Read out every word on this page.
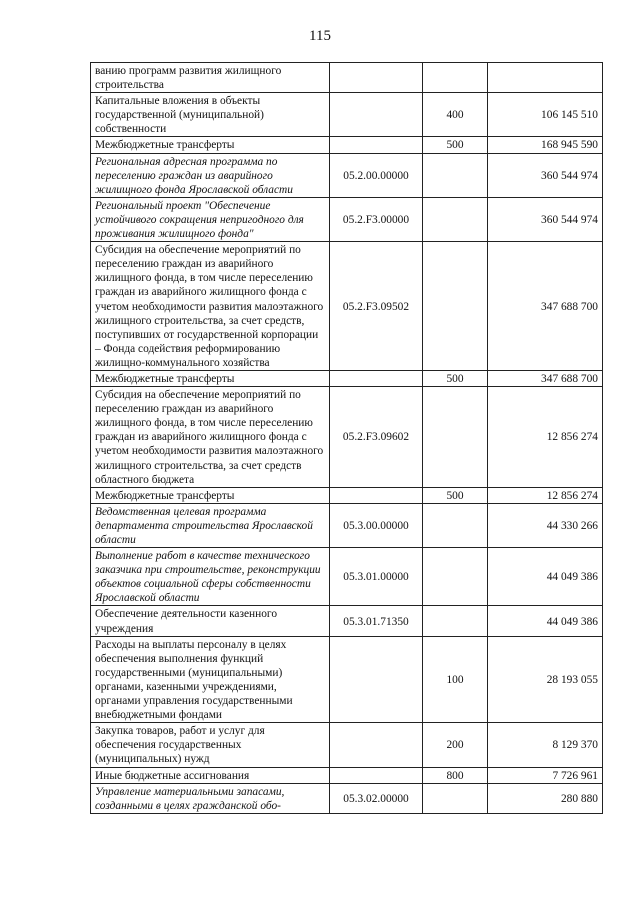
115
ванию программ развития жилищного строительства			
Капитальные вложения в объекты государственной (муниципальной) собственности		400	106 145 510
Межбюджетные трансферты		500	168 945 590
Региональная адресная программа по переселению граждан из аварийного жилищного фонда Ярославской области	05.2.00.00000		360 544 974
Региональный проект "Обеспечение устойчивого сокращения непригодного для проживания жилищного фонда"	05.2.F3.00000		360 544 974
Субсидия на обеспечение мероприятий по переселению граждан из аварийного жилищного фонда, в том числе переселению граждан из аварийного жилищного фонда с учетом необходимости развития малоэтажного жилищного строительства, за счет средств, поступивших от государственной корпорации – Фонда содействия реформированию жилищно-коммунального хозяйства	05.2.F3.09502		347 688 700
Межбюджетные трансферты		500	347 688 700
Субсидия на обеспечение мероприятий по переселению граждан из аварийного жилищного фонда, в том числе переселению граждан из аварийного жилищного фонда с учетом необходимости развития малоэтажного жилищного строительства, за счет средств областного бюджета	05.2.F3.09602		12 856 274
Межбюджетные трансферты		500	12 856 274
Ведомственная целевая программа департамента строительства Ярославской области	05.3.00.00000		44 330 266
Выполнение работ в качестве технического заказчика при строительстве, реконструкции объектов социальной сферы собственности Ярославской области	05.3.01.00000		44 049 386
Обеспечение деятельности казенного учреждения	05.3.01.71350		44 049 386
Расходы на выплаты персоналу в целях обеспечения выполнения функций государственными (муниципальными) органами, казенными учреждениями, органами управления государственными внебюджетными фондами		100	28 193 055
Закупка товаров, работ и услуг для обеспечения государственных (муниципальных) нужд		200	8 129 370
Иные бюджетные ассигнования		800	7 726 961
Управление материальными запасами, созданными в целях гражданской обо-	05.3.02.00000		280 880
